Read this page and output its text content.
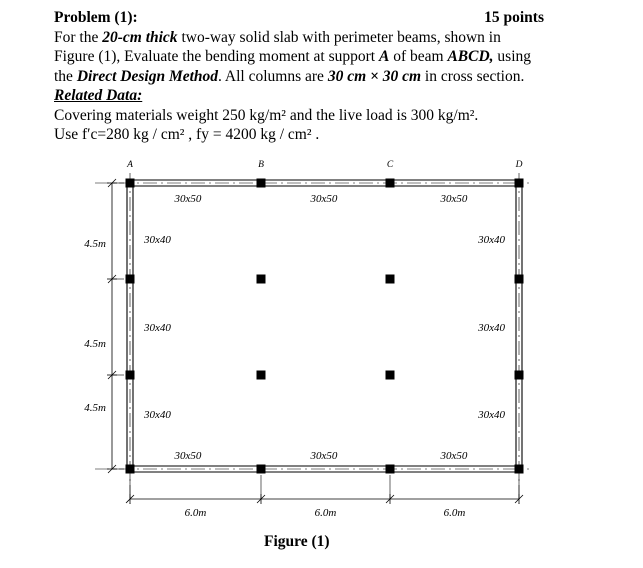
Problem (1):	15 points
For the 20-cm thick two-way solid slab with perimeter beams, shown in
Figure (1), Evaluate the bending moment at support A of beam ABCD, using
the Direct Design Method. All columns are 30 cm × 30 cm in cross section.
Related Data:
Covering materials weight 250 kg/m² and the live load is 300 kg/m².
Use f′c=280 kg / cm² , fy = 4200 kg / cm² .
A	B	C	D
4.5m
4.5m
4.5m
6.0m	6.0m	6.0m
30x50	30x50	30x50
30x50	30x50	30x50
30x40
30x40
30x40
30x40
30x40
30x40
Figure (1)
